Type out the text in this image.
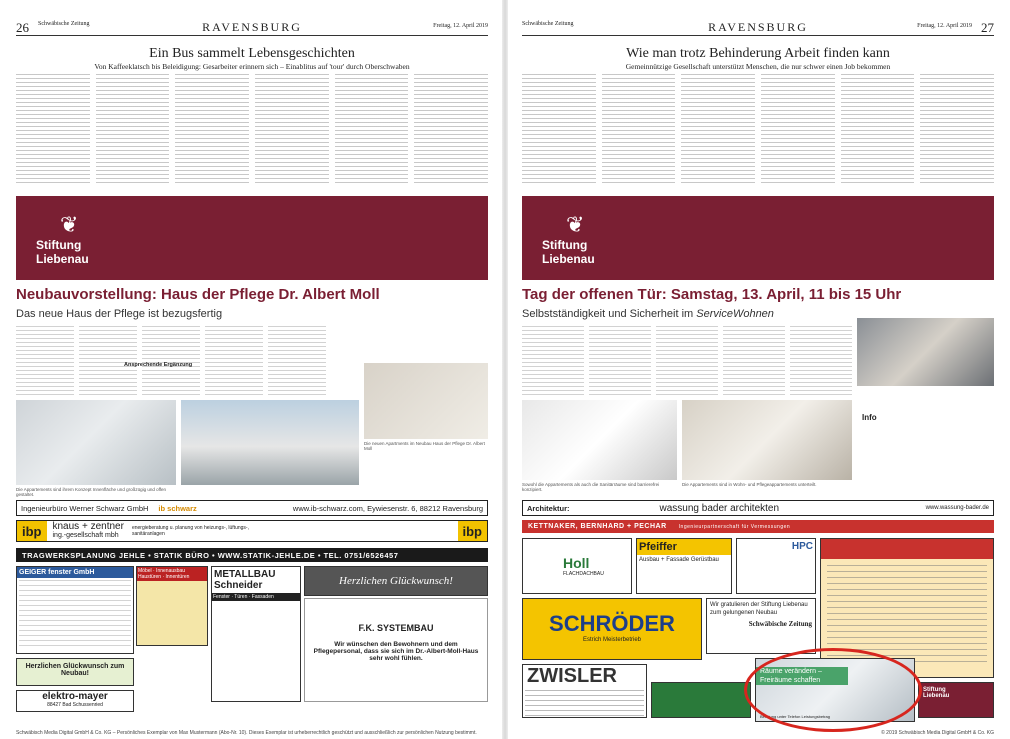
26 Schwäbische Zeitung	RAVENSBURG	Freitag, 12. April 2019
Ein Bus sammelt Lebensgeschichten
Von Kaffeeklatsch bis Beleidigung: Gesarbeiter erinnern sich – Einablitus auf 'tour' durch Oberschwaben
❦
Stiftung
Liebenau
Neubauvorstellung: Haus der Pflege Dr. Albert Moll
Das neue Haus der Pflege ist bezugsfertig
Ansprechende Ergänzung
Die Appartements sind ihrem Konzept Innenfläche und großzügig und offen gestaltet.
Die neuen Apartments im Neubau Haus der Pflege Dr. Albert Moll
Ingenieurbüro Werner Schwarz GmbH ib schwarz	www.ib-schwarz.com, Eywiesenstr. 6, 88212 Ravensburg
ibp	knaus + zentner
ing.-gesellschaft mbh
energieberatung u. planung von heizungs-, lüftungs-, sanitäranlagen	ibp
TRAGWERKSPLANUNG JEHLE • STATIK BÜRO • WWW.STATIK-JEHLE.DE • TEL. 0751/6526457
GEIGER fenster GmbH	Möbel · Innenausbau Haustüren · Innentüren	METALLBAU Schneider
Fenster · Türen · Fassaden
Herzlichen Glückwunsch!
F.K. SYSTEMBAU
Wir wünschen den Bewohnern und dem Pflegepersonal, dass sie sich im Dr.-Albert-Moll-Haus sehr wohl fühlen.
Herzlichen Glückwunsch zum Neubau!
elektro-mayer
88427 Bad Schussenried
Schwäbisch Media Digital GmbH & Co. KG – Persönliches Exemplar von Max Mustermann (Abo-Nr. 10). Dieses Exemplar ist urheberrechtlich geschützt und ausschließlich zur persönlichen Nutzung bestimmt.
Schwäbische Zeitung	RAVENSBURG	Freitag, 12. April 2019 27
Wie man trotz Behinderung Arbeit finden kann
Gemeinnützige Gesellschaft unterstützt Menschen, die nur schwer einen Job bekommen
❦
Stiftung
Liebenau
Tag der offenen Tür: Samstag, 13. April, 11 bis 15 Uhr
Selbstständigkeit und Sicherheit im ServiceWohnen
Info
Sowohl die Appartements als auch die Sanitärräume sind barrierefrei konzipiert.
Die Appartements sind in Wohn- und Pflegeappartements unterteilt.
Architektur:	wassung bader architekten	www.wassung-bader.de
KETTNAKER, BERNHARD + PECHAR Ingenieurpartnerschaft für Vermessungen
Holl
FLACHDACHBAU
Pfeiffer
Ausbau + Fassade Gerüstbau
HPC
SCHRÖDER
Estrich Meisterbetrieb
Wir gratulieren der Stiftung Liebenau zum gelungenen Neubau
Schwäbische Zeitung
ZWISLER	Räume verändern –
Freiräume schaffen
Beratung unter Telefon Leistungsbetrag
Stiftung
Liebenau
© 2019 Schwäbisch Media Digital GmbH & Co. KG
